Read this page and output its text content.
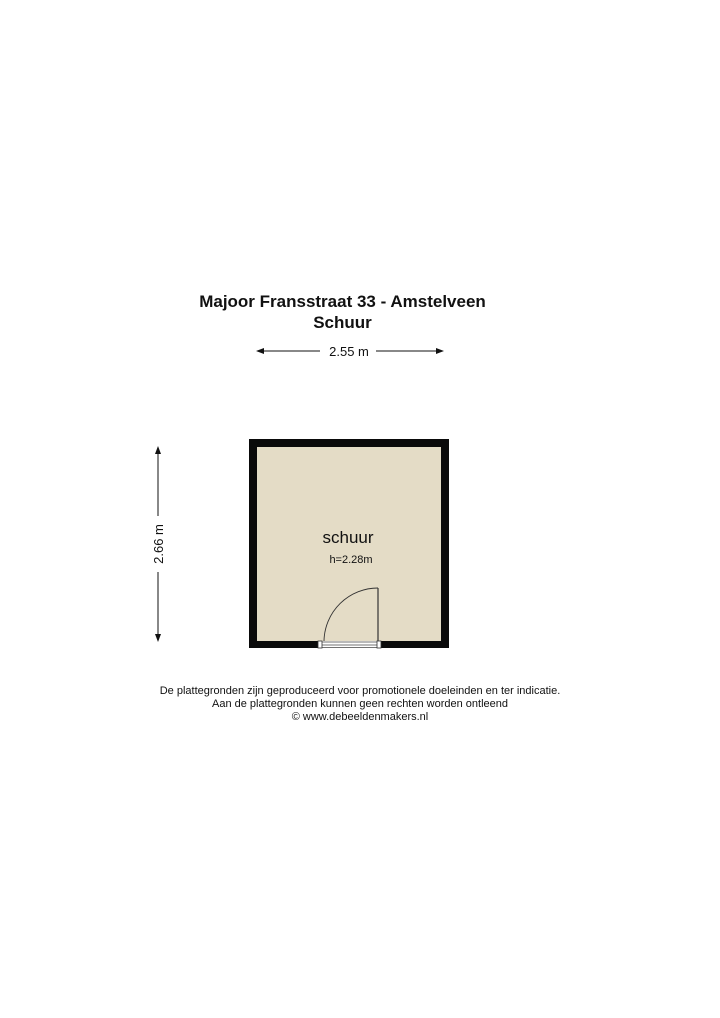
Majoor Fransstraat 33 - Amstelveen
Schuur
2.55 m
2.66 m	schuur
h=2.28m
De plattegronden zijn geproduceerd voor promotionele doeleinden en ter indicatie.
Aan de plattegronden kunnen geen rechten worden ontleend
© www.debeeldenmakers.nl
